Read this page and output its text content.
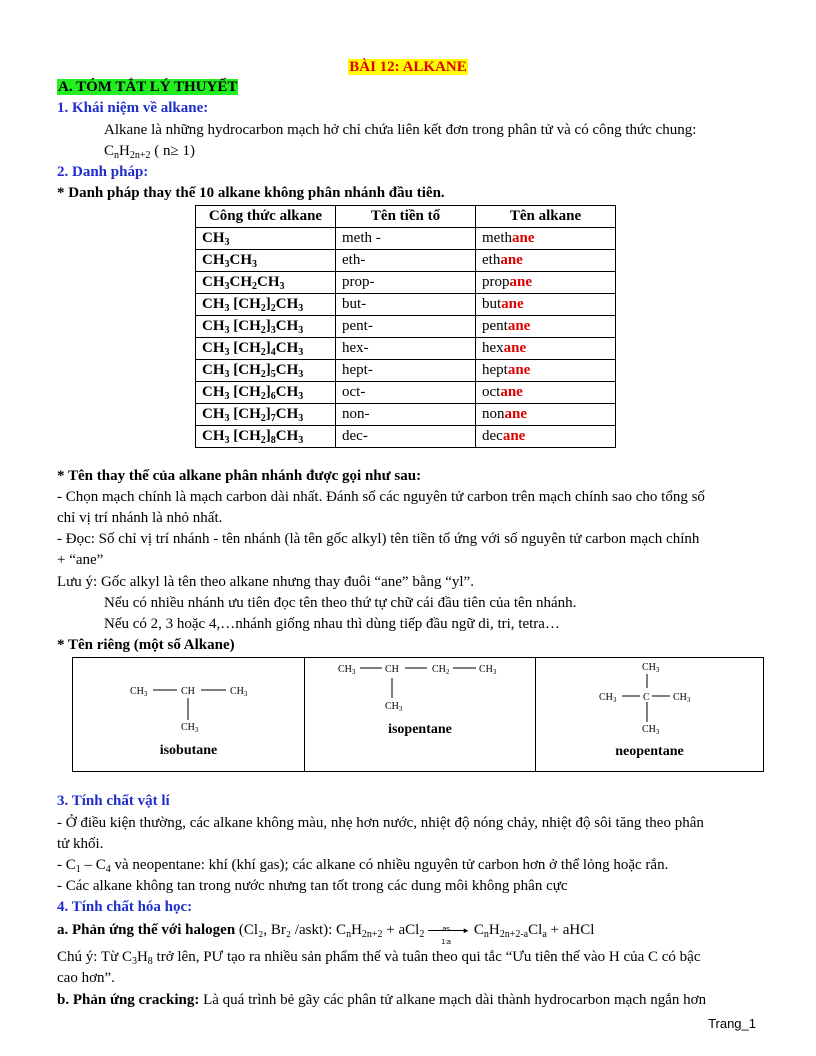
BÀI 12: ALKANE
A. TÓM TẮT LÝ THUYẾT
1. Khái niệm về alkane:
Alkane là những hydrocarbon mạch hở chỉ chứa liên kết đơn trong phân tử và có công thức chung:
$C_nH_{2n+2}$ ( n≥ 1)
2. Danh pháp:
* Danh pháp thay thế 10 alkane không phân nhánh đầu tiên.
Công thức alkane	Tên tiền tố	Tên alkane
$CH_3$	meth -	methane
$CH_3CH_3$	eth-	ethane
$CH_3CH_2CH_3$	prop-	propane
$CH_3$ $[CH_2]_2CH_3$	but-	butane
$CH_3$ $[CH_2]_3CH_3$	pent-	pentane
$CH_3$ $[CH_2]_4CH_3$	hex-	hexane
$CH_3$ $[CH_2]_5CH_3$	hept-	heptane
$CH_3$ $[CH_2]_6CH_3$	oct-	octane
$CH_3$ $[CH_2]_7CH_3$	non-	nonane
$CH_3$ $[CH_2]_8CH_3$	dec-	decane
* Tên thay thế của alkane phân nhánh được gọi như sau:
- Chọn mạch chính là mạch carbon dài nhất. Đánh số các nguyên tử carbon trên mạch chính sao cho tổng số
chỉ vị trí nhánh là nhỏ nhất.
- Đọc: Số chỉ vị trí nhánh - tên nhánh (là tên gốc alkyl) tên tiền tố ứng với số nguyên tử carbon mạch chính
+ “ane”
Lưu ý: Gốc alkyl là tên theo alkane nhưng thay đuôi “ane” bằng “yl”.
Nếu có nhiều nhánh ưu tiên đọc tên theo thứ tự chữ cái đầu tiên của tên nhánh.
Nếu có 2, 3 hoặc 4,…nhánh giống nhau thì dùng tiếp đầu ngữ di, tri, tetra…
* Tên riêng (một số Alkane)
$CH_3$	CH	$CH_3$
$CH_3$
isobutane
$CH_3$	CH	$CH_2$	$CH_3$
$CH_3$
isopentane
$CH_3$
$CH_3$	C $CH_3$
$CH_3$
neopentane
3. Tính chất vật lí
- Ở điều kiện thường, các alkane không màu, nhẹ hơn nước, nhiệt độ nóng chảy, nhiệt độ sôi tăng theo phân
tử khối.
- $C_1 - C_4$ và neopentane: khí (khí gas); các alkane có nhiều nguyên tử carbon hơn ở thể lỏng hoặc rắn.
- Các alkane không tan trong nước nhưng tan tốt trong các dung môi không phân cực
4. Tính chất hóa học:
a. Phản ứng thế với halogen (Cl₂, Br₂ /askt): $C_nH_{2n+2} + aCl_2$	►
1:a
$C_nH_{2n+2-a}Cl_a$ + aHCl
Chú ý: Từ $C_3H_8$ trở lên, PƯ tạo ra nhiều sản phẩm thế và tuân theo qui tắc “Ưu tiên thế vào H của C có bậc
cao hơn”.
b. Phản ứng cracking: Là quá trình bẻ gãy các phân tử alkane mạch dài thành hydrocarbon mạch ngắn hơn
Trang_1
